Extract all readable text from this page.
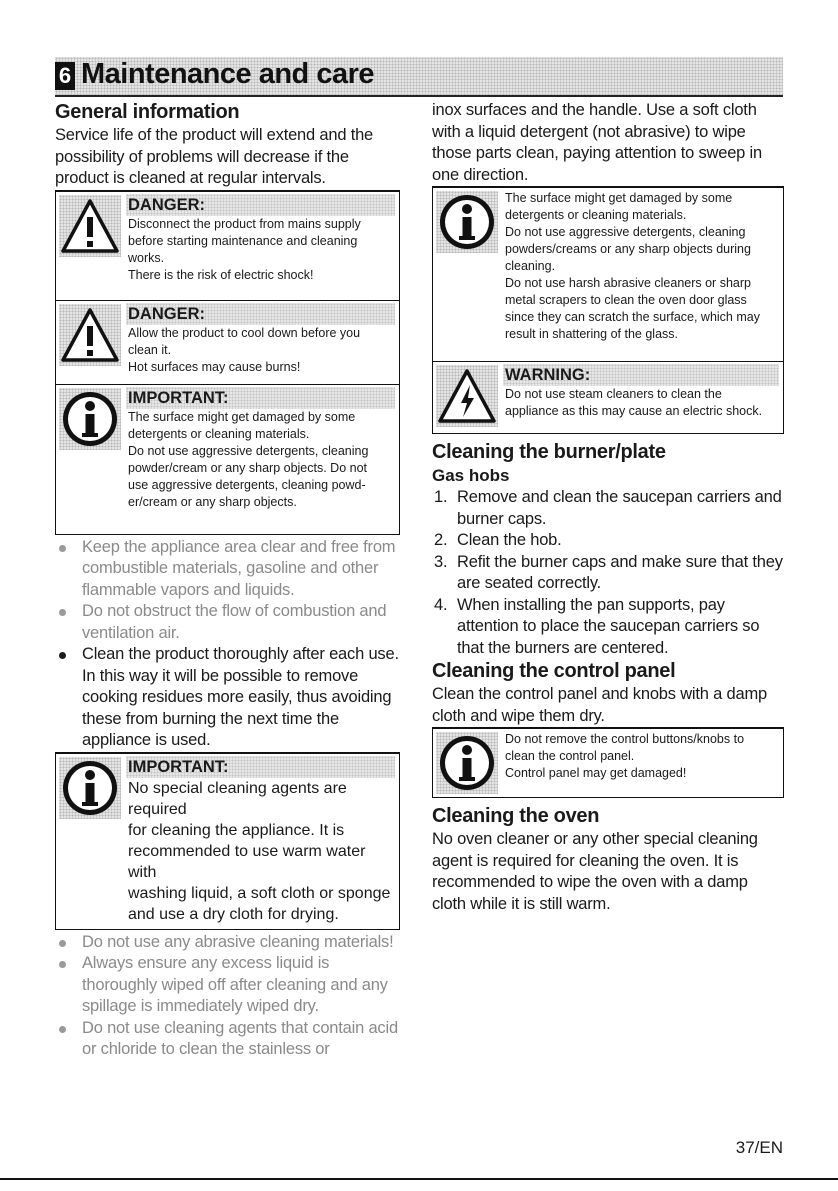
6 Maintenance and care
General information

Service life of the product will extend and the possibility of problems will decrease if the product is cleaned at regular intervals.

DANGER:
Disconnect the product from mains supply
before starting maintenance and cleaning
works.
There is the risk of electric shock!
DANGER:
Allow the product to cool down before you
clean it.
Hot surfaces may cause burns!
IMPORTANT:
The surface might get damaged by some
detergents or cleaning materials.
Do not use aggressive detergents, cleaning
powder/cream or any sharp objects. Do not
use aggressive detergents, cleaning powd-
er/cream or any sharp objects.
Keep the appliance area clear and free from combustible materials, gasoline and other flammable vapors and liquids.
Do not obstruct the flow of combustion and ventilation air.
Clean the product thoroughly after each use. In this way it will be possible to remove cooking residues more easily, thus avoiding these from burning the next time the appliance is used.
IMPORTANT:
No special cleaning agents are required
for cleaning the appliance. It is
recommended to use warm water with
washing liquid, a soft cloth or sponge
and use a dry cloth for drying.
Do not use any abrasive cleaning materials!
Always ensure any excess liquid is thoroughly wiped off after cleaning and any spillage is immediately wiped dry.
Do not use cleaning agents that contain acid or chloride to clean the stainless or

inox surfaces and the handle. Use a soft cloth with a liquid detergent (not abrasive) to wipe those parts clean, paying attention to sweep in one direction.

The surface might get damaged by some
detergents or cleaning materials.
Do not use aggressive detergents, cleaning
powders/creams or any sharp objects during
cleaning.
Do not use harsh abrasive cleaners or sharp
metal scrapers to clean the oven door glass
since they can scratch the surface, which may
result in shattering of the glass.
WARNING:
Do not use steam cleaners to clean the
appliance as this may cause an electric shock.
Cleaning the burner/plate
Gas hobs
1. Remove and clean the saucepan carriers and burner caps.
2. Clean the hob.
3. Refit the burner caps and make sure that they are seated correctly.
4. When installing the pan supports, pay attention to place the saucepan carriers so that the burners are centered.
Cleaning the control panel

Clean the control panel and knobs with a damp cloth and wipe them dry.

Do not remove the control buttons/knobs to
clean the control panel.
Control panel may get damaged!
Cleaning the oven

No oven cleaner or any other special cleaning agent is required for cleaning the oven. It is recommended to wipe the oven with a damp cloth while it is still warm.

37/EN
